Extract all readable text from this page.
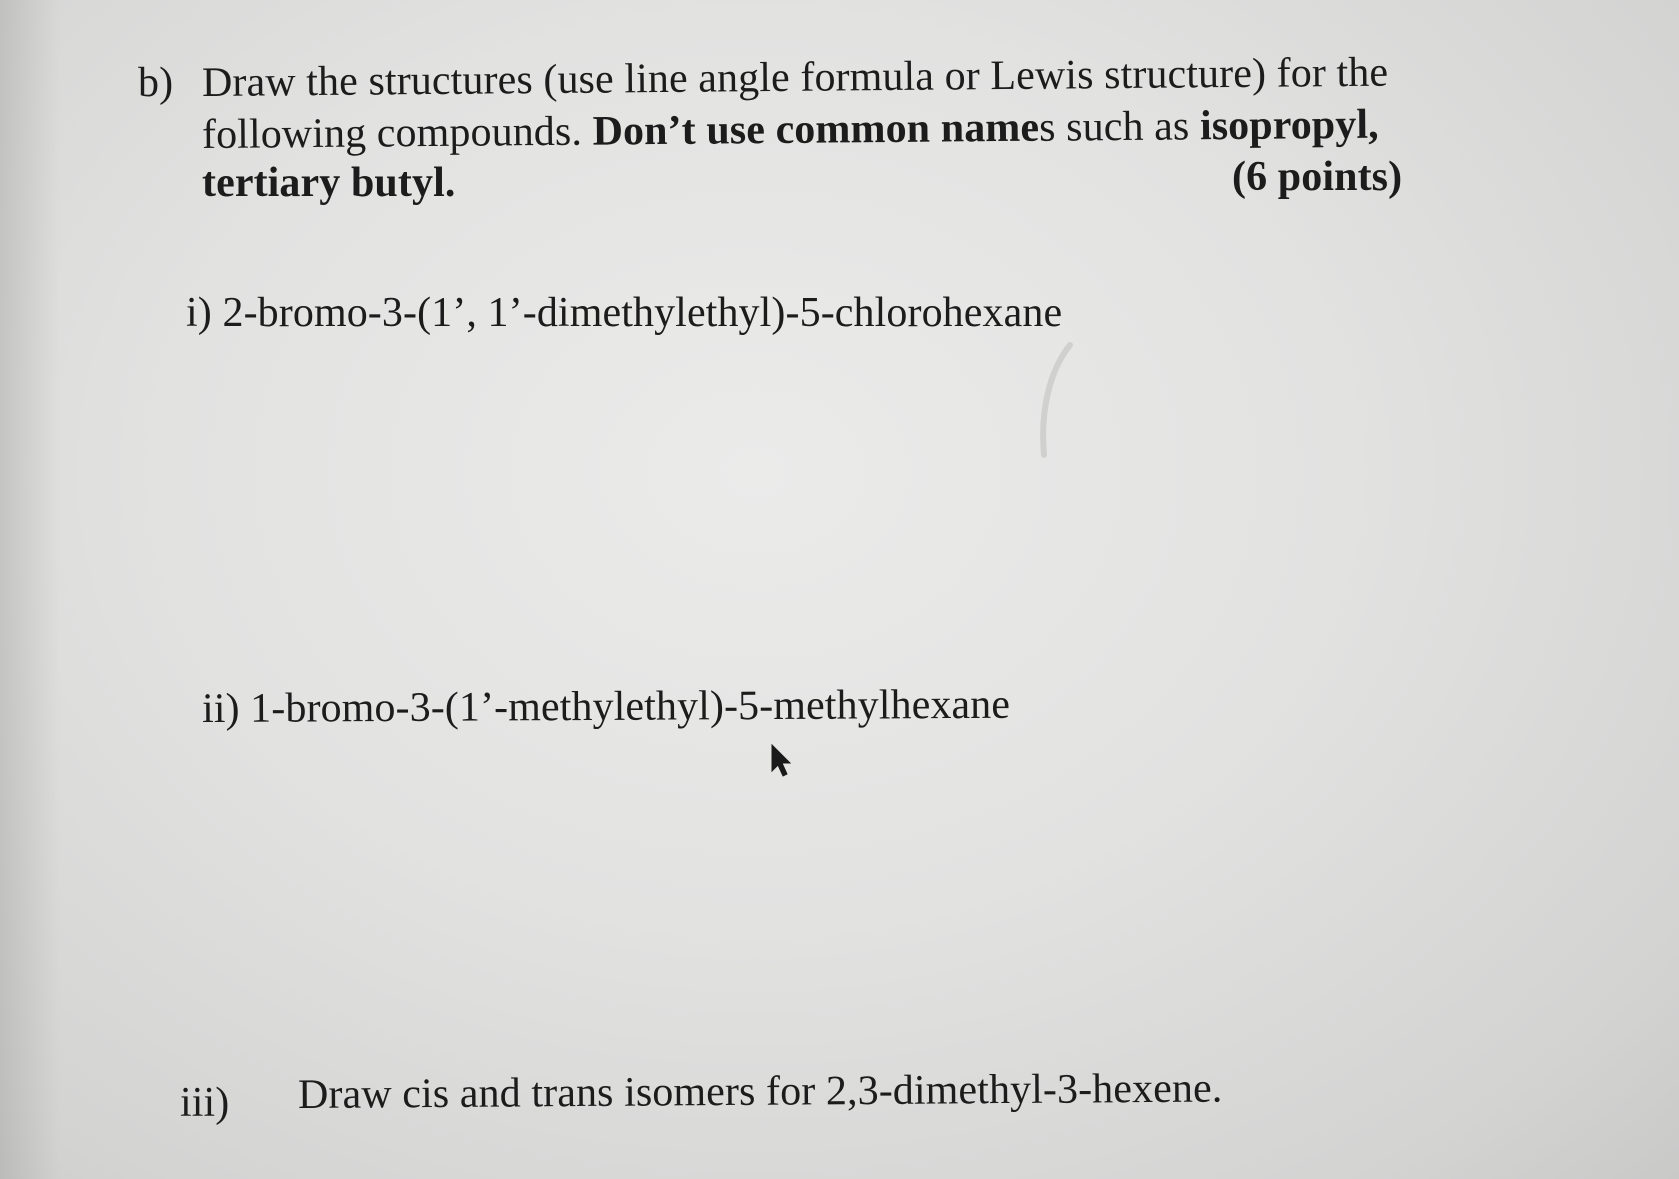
b) Draw the structures (use line angle formula or Lewis structure) for the
following compounds. Don’t use common names such as isopropyl,
tertiary butyl.	(6 points)
i) 2-bromo-3-(1’, 1’-dimethylethyl)-5-chlorohexane
ii) 1-bromo-3-(1’-methylethyl)-5-methylhexane
iii) Draw cis and trans isomers for 2,3-dimethyl-3-hexene.
